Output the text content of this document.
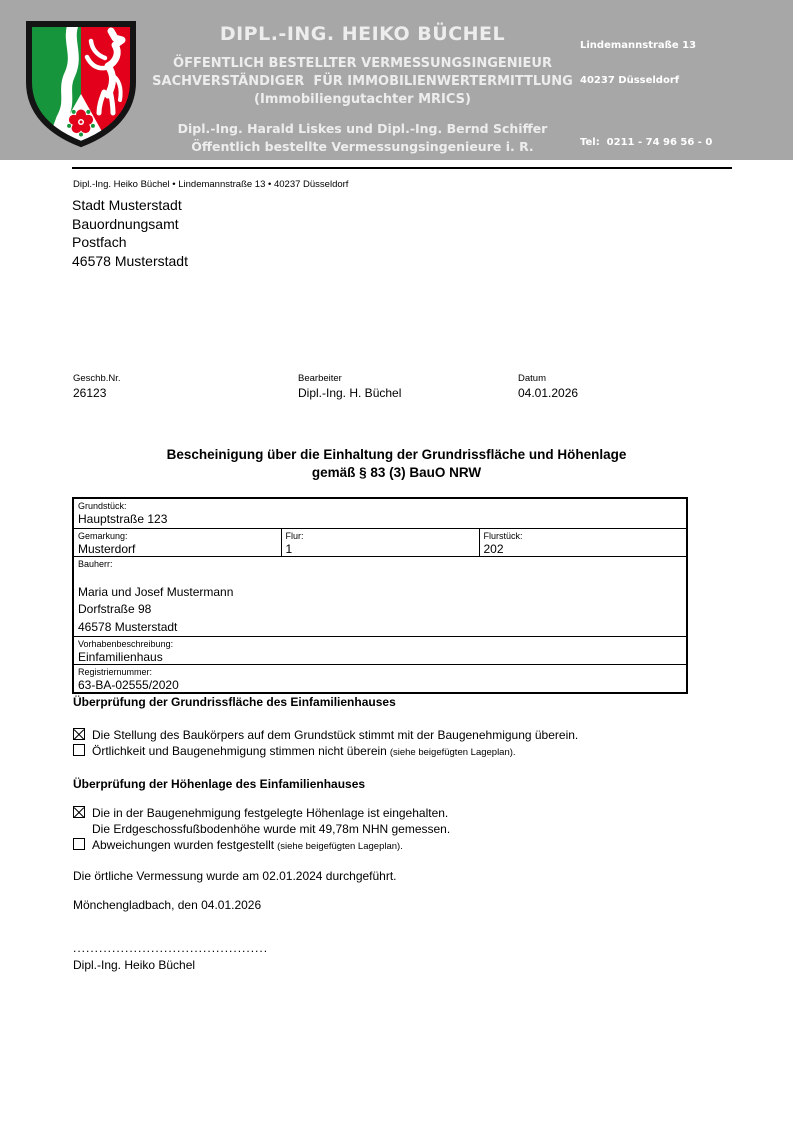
DIPL.-ING. HEIKO BÜCHEL
ÖFFENTLICH BESTELLTER VERMESSUNGSINGENIEUR
SACHVERSTÄNDIGER  FÜR IMMOBILIENWERTERMITTLUNG
(Immobiliengutachter MRICS)
Dipl.-Ing. Harald Liskes und Dipl.-Ing. Bernd Schiffer
Öffentlich bestellte Vermessungsingenieure i. R.

Lindemannstraße 13

40237 Düsseldorf

Tel:  0211 - 74 96 56 - 0

Fax: 0211 - 74 96 56 - 10

E-Mail: info@buechel-kitzhoefer.de

E-Mail: info@bs-hl.de

Internet: www.buechel-kitzhoefer.de

Tel.: 02161 - 98195 - 0

Fax: 02161 - 98195 - 99

Dipl.-Ing. Heiko Büchel • Lindemannstraße 13 • 40237 Düsseldorf
Stadt Musterstadt
Bauordnungsamt
Postfach
46578 Musterstadt
Geschb.Nr.
26123
Bearbeiter
Dipl.-Ing. H. Büchel
Datum
04.01.2026
Bescheinigung über die Einhaltung der Grundrissfläche und Höhenlage
gemäß § 83 (3) BauO NRW
Grundstück:
Hauptstraße 123

Gemarkung:
Musterdorf

Flur:
1

Flurstück:
202

Bauherr:
Maria und Josef Mustermann
Dorfstraße 98
46578 Musterstadt

Vorhabenbeschreibung:
Einfamilienhaus

Registriernummer:
63-BA-02555/2020
Überprüfung der Grundrissfläche des Einfamilienhauses
Die Stellung des Baukörpers auf dem Grundstück stimmt mit der Baugenehmigung überein.
Örtlichkeit und Baugenehmigung stimmen nicht überein (siehe beigefügten Lageplan).
Überprüfung der Höhenlage des Einfamilienhauses
Die in der Baugenehmigung festgelegte Höhenlage ist eingehalten.
Die Erdgeschossfußbodenhöhe wurde mit 49,78m NHN gemessen.
Abweichungen wurden festgestellt (siehe beigefügten Lageplan).
Die örtliche Vermessung wurde am 02.01.2024 durchgeführt.
Mönchengladbach, den 04.01.2026
.............................................
Dipl.-Ing. Heiko Büchel
